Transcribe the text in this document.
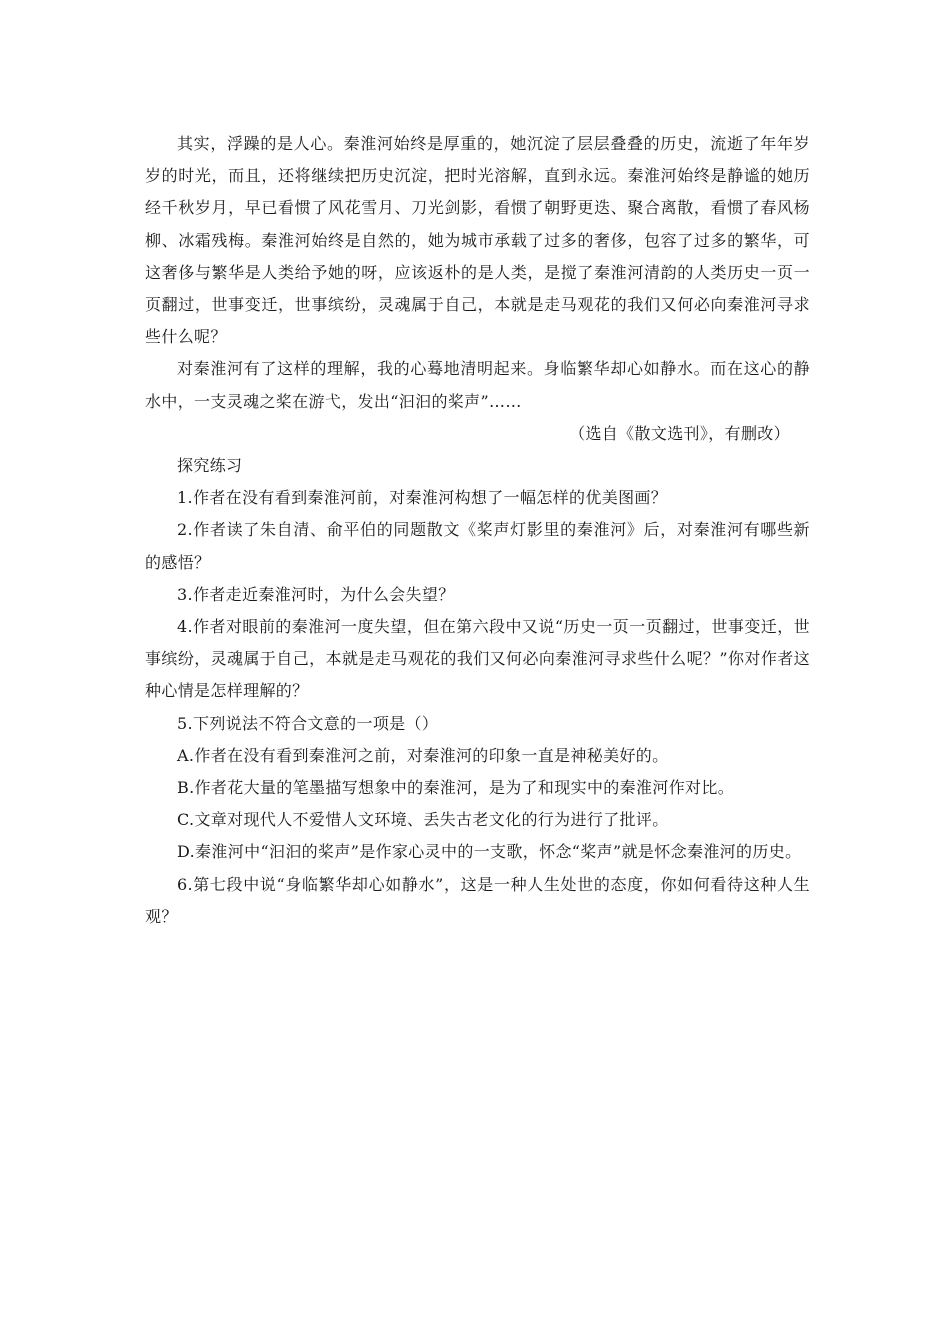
其实，浮躁的是人心。秦淮河始终是厚重的，她沉淀了层层叠叠的历史，流逝了年年岁岁的时光，而且，还将继续把历史沉淀，把时光溶解，直到永远。秦淮河始终是静谧的她历经千秋岁月，早已看惯了风花雪月、刀光剑影，看惯了朝野更迭、聚合离散，看惯了春风杨柳、冰霜残梅。秦淮河始终是自然的，她为城市承载了过多的奢侈，包容了过多的繁华，可这奢侈与繁华是人类给予她的呀，应该返朴的是人类，是搅了秦淮河清韵的人类历史一页一页翻过，世事变迁，世事缤纷，灵魂属于自己，本就是走马观花的我们又何必向秦淮河寻求些什么呢？

对秦淮河有了这样的理解，我的心蓦地清明起来。身临繁华却心如静水。而在这心的静水中，一支灵魂之桨在游弋，发出“汩汩的桨声”……

（选自《散文选刊》，有删改）

探究练习

1.作者在没有看到秦淮河前，对秦淮河构想了一幅怎样的优美图画？

2.作者读了朱自清、俞平伯的同题散文《桨声灯影里的秦淮河》后，对秦淮河有哪些新的感悟？

3.作者走近秦淮河时，为什么会失望？

4.作者对眼前的秦淮河一度失望，但在第六段中又说“历史一页一页翻过，世事变迁，世事缤纷，灵魂属于自己，本就是走马观花的我们又何必向秦淮河寻求些什么呢？”你对作者这种心情是怎样理解的？

5.下列说法不符合文意的一项是（）

A.作者在没有看到秦淮河之前，对秦淮河的印象一直是神秘美好的。

B.作者花大量的笔墨描写想象中的秦淮河，是为了和现实中的秦淮河作对比。

C.文章对现代人不爱惜人文环境、丢失古老文化的行为进行了批评。

D.秦淮河中“汩汩的桨声”是作家心灵中的一支歌，怀念“桨声”就是怀念秦淮河的历史。

6.第七段中说“身临繁华却心如静水”，这是一种人生处世的态度，你如何看待这种人生观？
